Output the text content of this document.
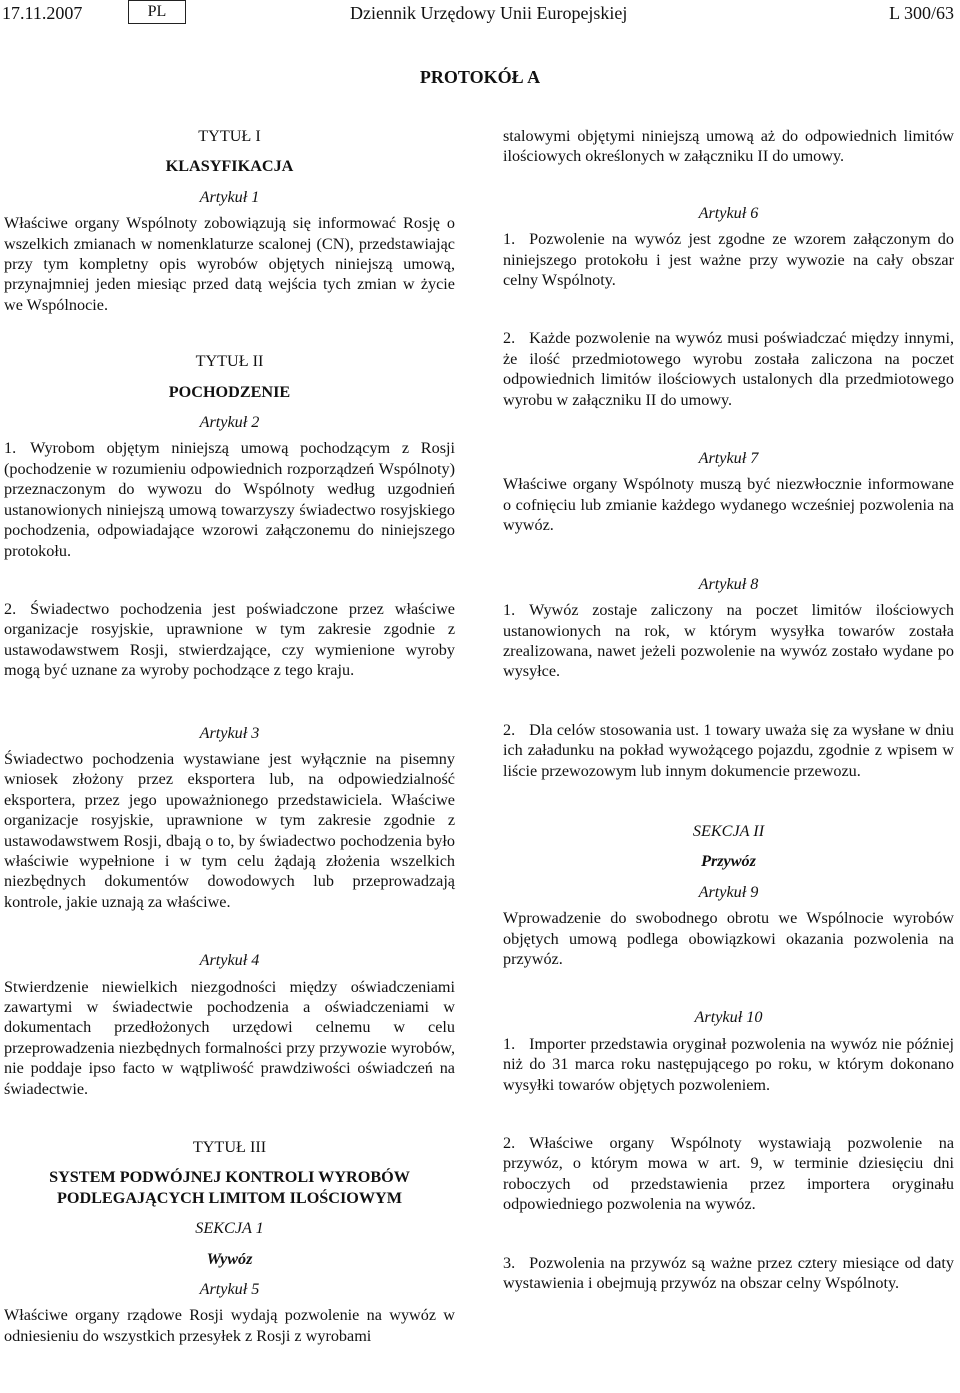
17.11.2007	PL	Dziennik Urzędowy Unii Europejskiej	L 300/63
PROTOKÓŁ A

TYTUŁ I

KLASYFIKACJA

Artykuł 1

Właściwe organy Wspólnoty zobowiązują się informować Rosję o wszelkich zmianach w nomenklaturze scalonej (CN), przedstawiając przy tym kompletny opis wyrobów objętych niniejszą umową, przynajmniej jeden miesiąc przed datą wejścia tych zmian w życie we Wspólnocie.

TYTUŁ II

POCHODZENIE

Artykuł 2

1. Wyrobom objętym niniejszą umową pochodzącym z Rosji (pochodzenie w rozumieniu odpowiednich rozporządzeń Wspólnoty) przeznaczonym do wywozu do Wspólnoty według uzgodnień ustanowionych niniejszą umową towarzyszy świadectwo rosyjskiego pochodzenia, odpowiadające wzorowi załączonemu do niniejszego protokołu.

2. Świadectwo pochodzenia jest poświadczone przez właściwe organizacje rosyjskie, uprawnione w tym zakresie zgodnie z ustawodawstwem Rosji, stwierdzające, czy wymienione wyroby mogą być uznane za wyroby pochodzące z tego kraju.

Artykuł 3

Świadectwo pochodzenia wystawiane jest wyłącznie na pisemny wniosek złożony przez eksportera lub, na odpowiedzialność eksportera, przez jego upoważnionego przedstawiciela. Właściwe organizacje rosyjskie, uprawnione w tym zakresie zgodnie z ustawodawstwem Rosji, dbają o to, by świadectwo pochodzenia było właściwie wypełnione i w tym celu żądają złożenia wszelkich niezbędnych dokumentów dowodowych lub przeprowadzają kontrole, jakie uznają za właściwe.

Artykuł 4

Stwierdzenie niewielkich niezgodności między oświadczeniami zawartymi w świadectwie pochodzenia a oświadczeniami w dokumentach przedłożonych urzędowi celnemu w celu przeprowadzenia niezbędnych formalności przy przywozie wyrobów, nie poddaje ipso facto w wątpliwość prawdziwości oświadczeń na świadectwie.

TYTUŁ III

SYSTEM PODWÓJNEJ KONTROLI WYROBÓW

PODLEGAJĄCYCH LIMITOM ILOŚCIOWYM

SEKCJA 1

Wywóz

Artykuł 5

Właściwe organy rządowe Rosji wydają pozwolenie na wywóz w odniesieniu do wszystkich przesyłek z Rosji z wyrobami

stalowymi objętymi niniejszą umową aż do odpowiednich limitów ilościowych określonych w załączniku II do umowy.

Artykuł 6

1. Pozwolenie na wywóz jest zgodne ze wzorem załączonym do niniejszego protokołu i jest ważne przy wywozie na cały obszar celny Wspólnoty.

2. Każde pozwolenie na wywóz musi poświadczać między innymi, że ilość przedmiotowego wyrobu została zaliczona na poczet odpowiednich limitów ilościowych ustalonych dla przedmiotowego wyrobu w załączniku II do umowy.

Artykuł 7

Właściwe organy Wspólnoty muszą być niezwłocznie informowane o cofnięciu lub zmianie każdego wydanego wcześniej pozwolenia na wywóz.

Artykuł 8

1. Wywóz zostaje zaliczony na poczet limitów ilościowych ustanowionych na rok, w którym wysyłka towarów została zrealizowana, nawet jeżeli pozwolenie na wywóz zostało wydane po wysyłce.

2. Dla celów stosowania ust. 1 towary uważa się za wysłane w dniu ich załadunku na pokład wywożącego pojazdu, zgodnie z wpisem w liście przewozowym lub innym dokumencie przewozu.

SEKCJA II

Przywóz

Artykuł 9

Wprowadzenie do swobodnego obrotu we Wspólnocie wyrobów objętych umową podlega obowiązkowi okazania pozwolenia na przywóz.

Artykuł 10

1. Importer przedstawia oryginał pozwolenia na wywóz nie później niż do 31 marca roku następującego po roku, w którym dokonano wysyłki towarów objętych pozwoleniem.

2. Właściwe organy Wspólnoty wystawiają pozwolenie na przywóz, o którym mowa w art. 9, w terminie dziesięciu dni roboczych od przedstawienia przez importera oryginału odpowiedniego pozwolenia na wywóz.

3. Pozwolenia na przywóz są ważne przez cztery miesiące od daty wystawienia i obejmują przywóz na obszar celny Wspólnoty.
